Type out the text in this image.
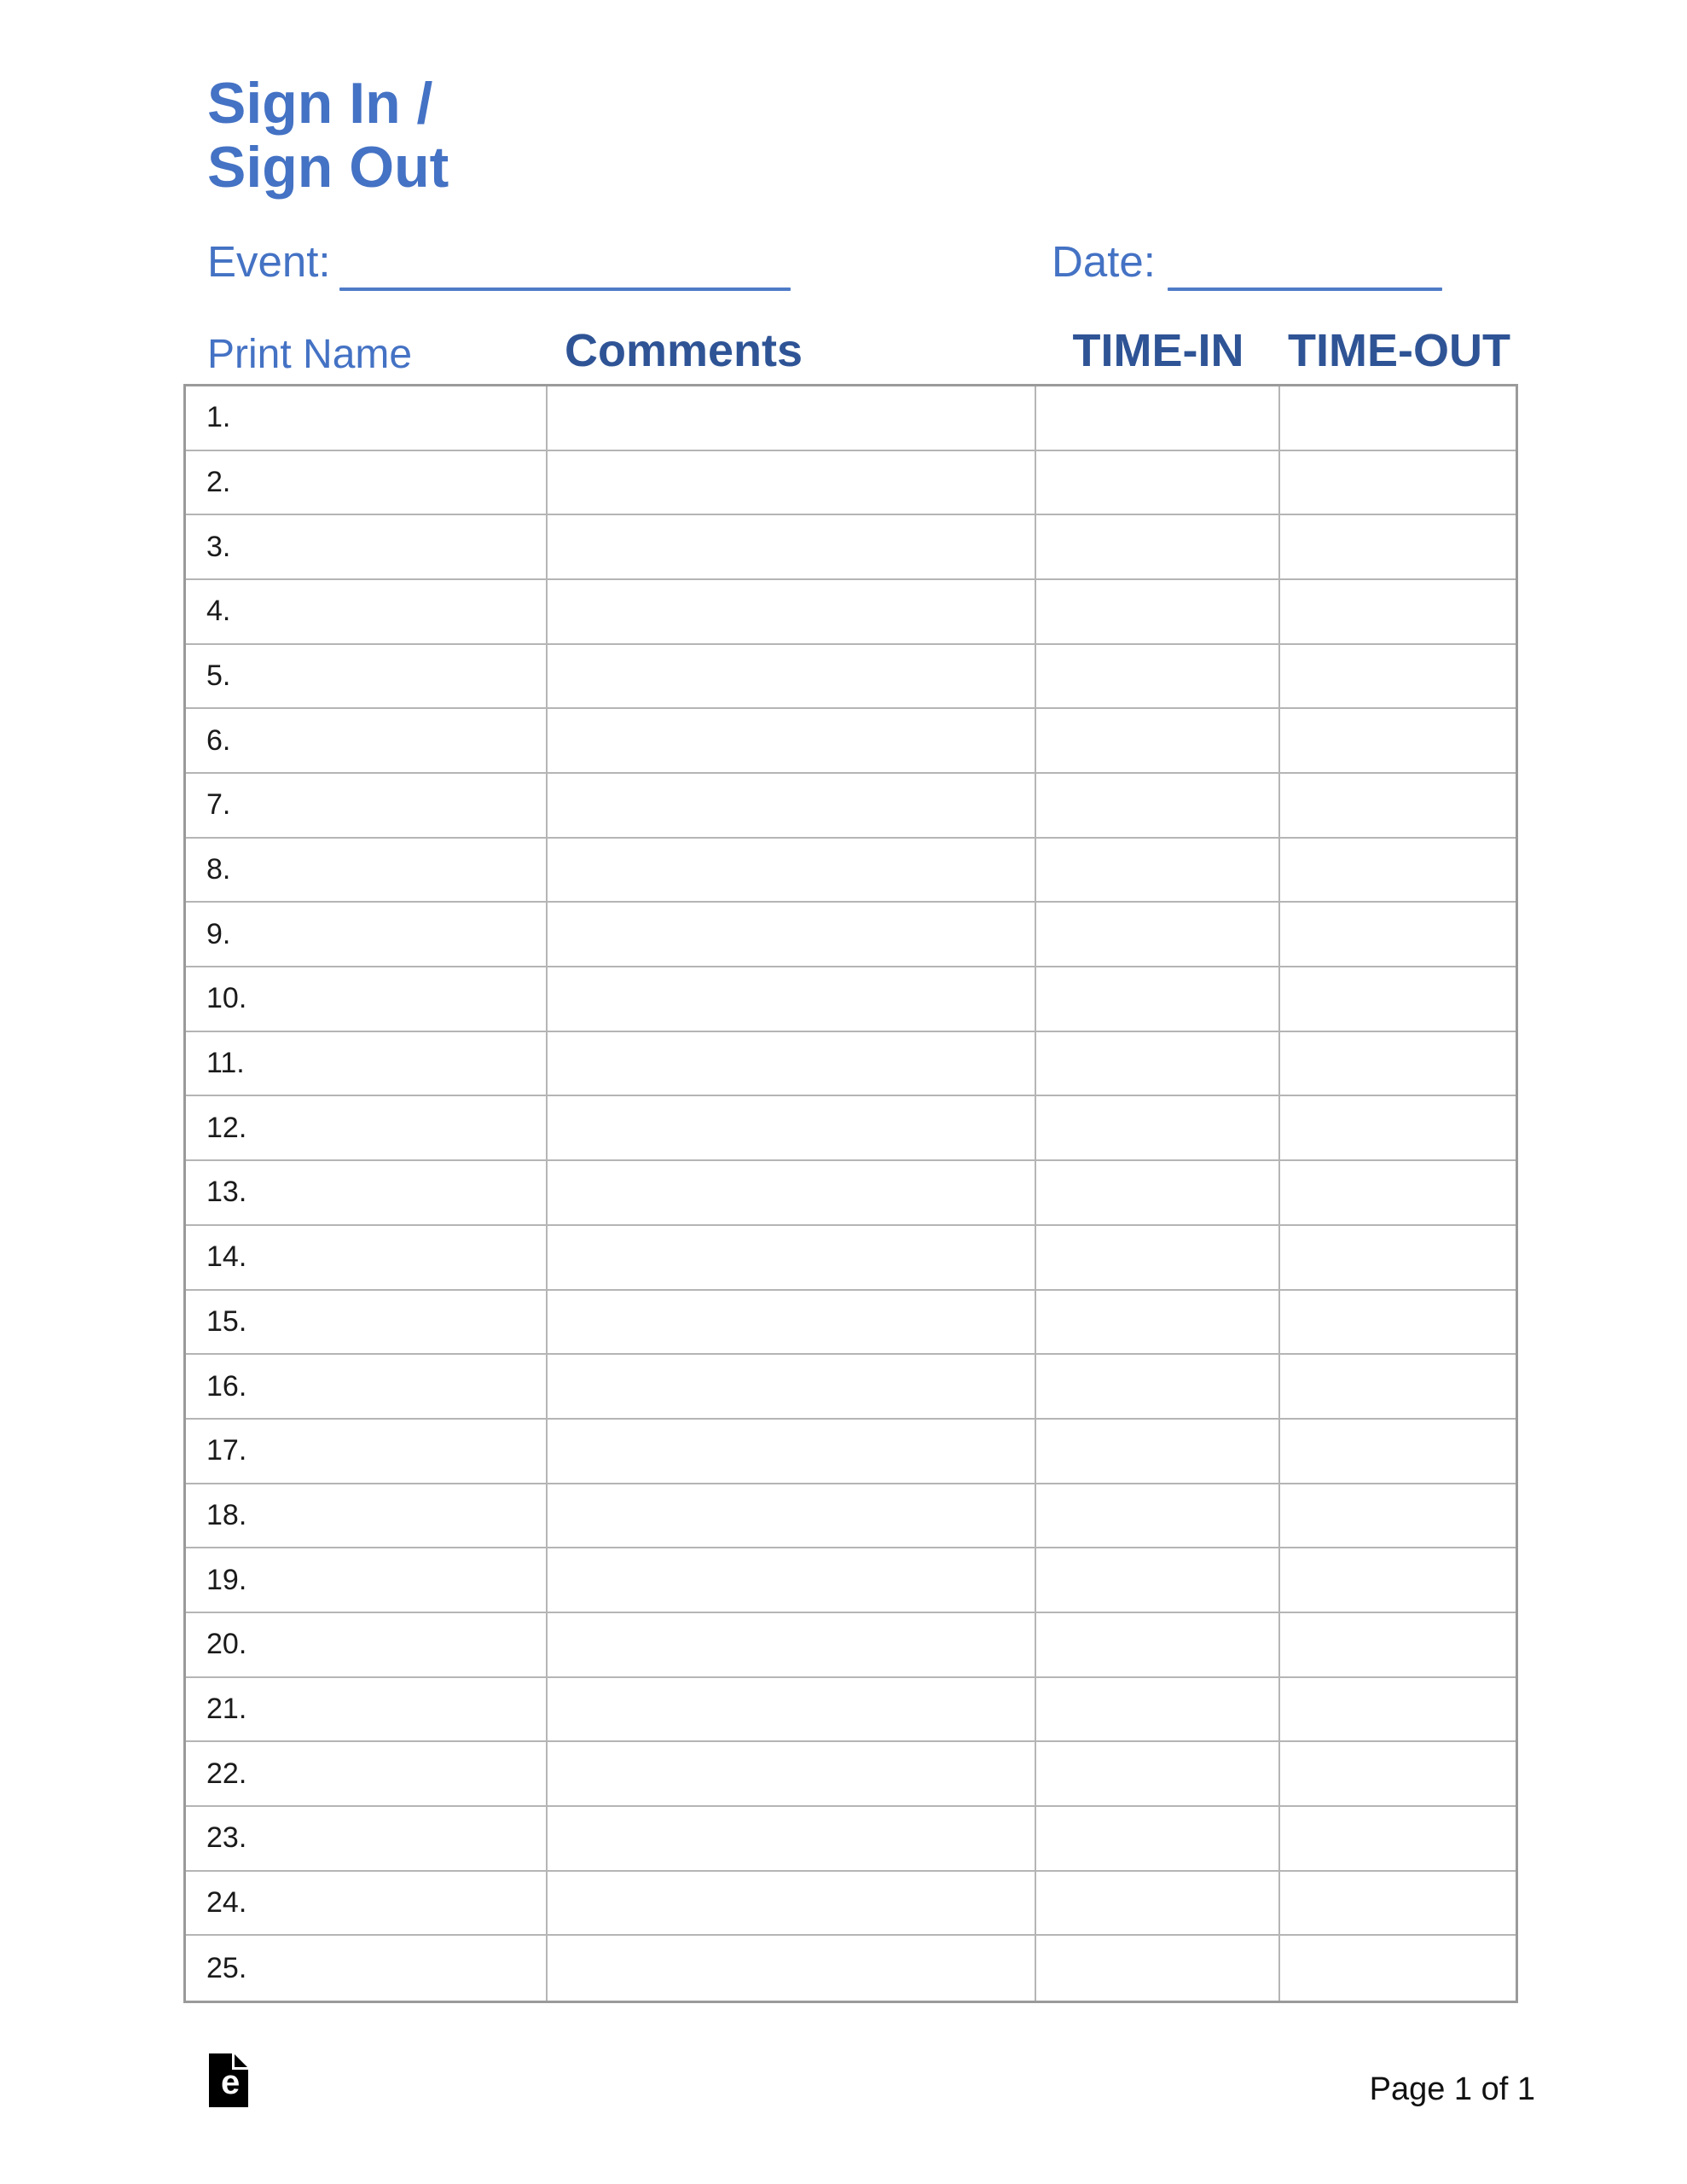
Sign In /
Sign Out
Event:	Date:
Print Name	Comments	TIME-IN TIME-OUT
1.
2.
3.
4.
5.
6.
7.
8.
9.
10.
11.
12.
13.
14.
15.
16.
17.
18.
19.
20.
21.
22.
23.
24.
25.
e	Page 1 of 1
